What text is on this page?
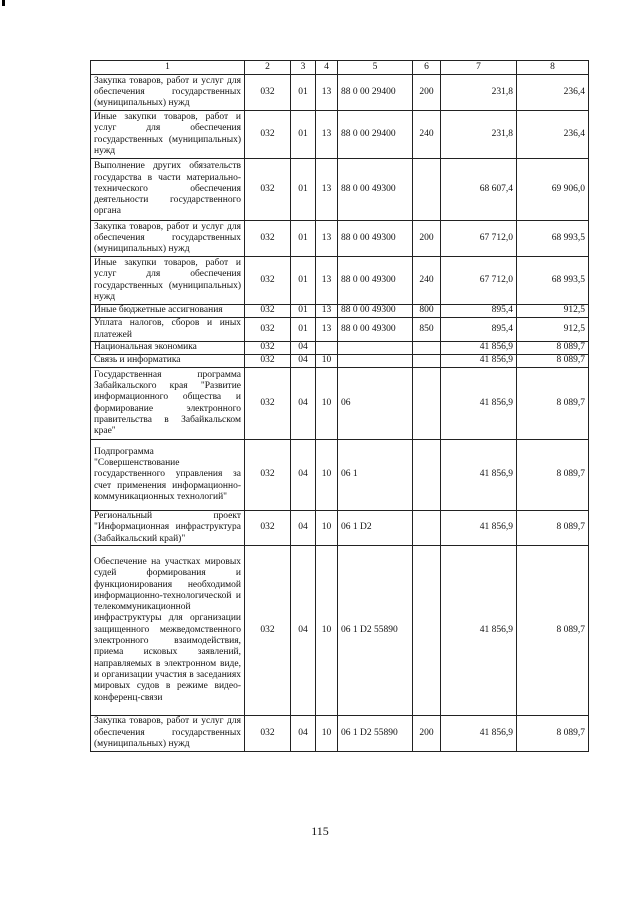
1	2	3	4	5	6	7	8
Закупка товаров, работ и услуг для обеспечения государственных (муниципальных) нужд	032	01	13	88 0 00 29400	200	231,8	236,4
Иные закупки товаров, работ и услуг для обеспечения государственных (муниципальных) нужд	032	01	13	88 0 00 29400	240	231,8	236,4
Выполнение других обязательств государства в части материально-технического обеспечения деятельности государственного органа	032	01	13	88 0 00 49300		68 607,4	69 906,0
Закупка товаров, работ и услуг для обеспечения государственных (муниципальных) нужд	032	01	13	88 0 00 49300	200	67 712,0	68 993,5
Иные закупки товаров, работ и услуг для обеспечения государственных (муниципальных) нужд	032	01	13	88 0 00 49300	240	67 712,0	68 993,5
Иные бюджетные ассигнования	032	01	13	88 0 00 49300	800	895,4	912,5
Уплата налогов, сборов и иных платежей	032	01	13	88 0 00 49300	850	895,4	912,5
Национальная экономика	032	04				41 856,9	8 089,7
Связь и информатика	032	04	10			41 856,9	8 089,7
Государственная программа Забайкальского края "Развитие информационного общества и формирование электронного правительства в Забайкальском крае"	032	04	10	06		41 856,9	8 089,7
Подпрограмма "Совершенствование государственного управления за счет применения информационно-коммуникационных технологий"	032	04	10	06 1		41 856,9	8 089,7
Региональный проект "Информационная инфраструктура (Забайкальский край)"	032	04	10	06 1 D2		41 856,9	8 089,7
Обеспечение на участках мировых судей формирования и функционирования необходимой информационно-технологической и телекоммуникационной инфраструктуры для организации защищенного межведомственного электронного взаимодействия, приема исковых заявлений, направляемых в электронном виде, и организации участия в заседаниях мировых судов в режиме видео-конференц-связи	032	04	10	06 1 D2 55890		41 856,9	8 089,7
Закупка товаров, работ и услуг для обеспечения государственных (муниципальных) нужд	032	04	10	06 1 D2 55890	200	41 856,9	8 089,7
115
